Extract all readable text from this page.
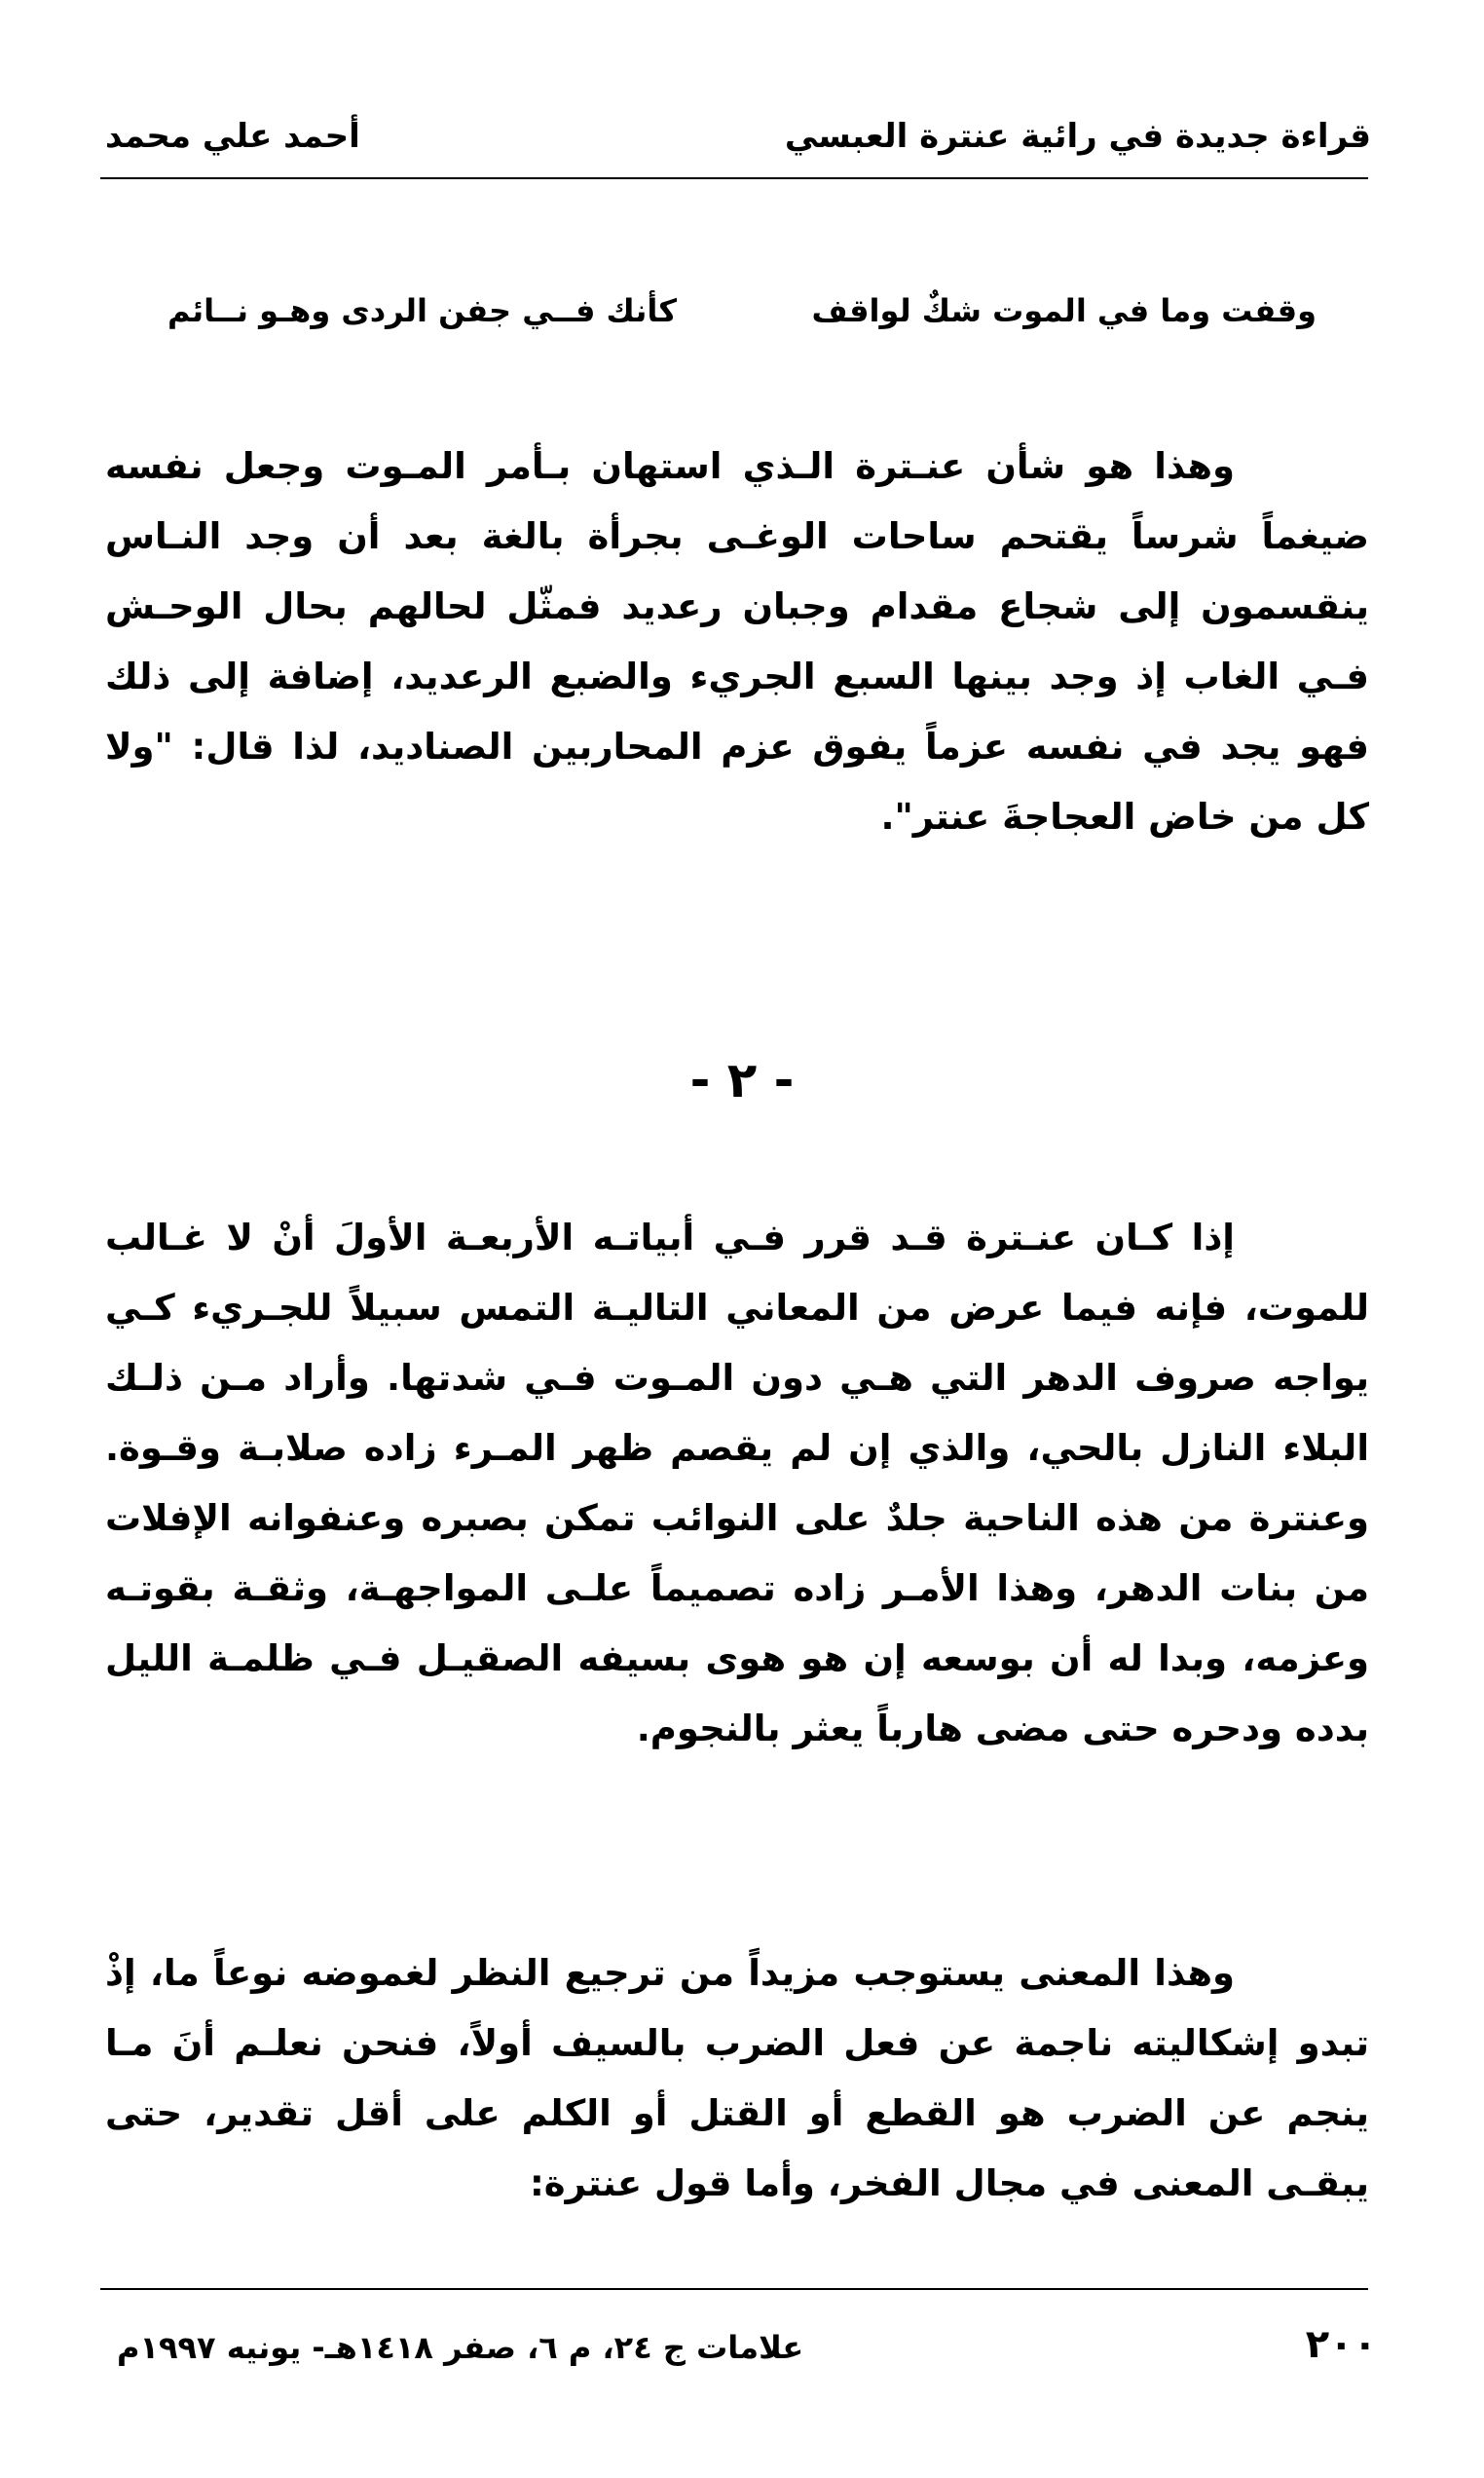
قراءة جديدة في رائية عنترة العبسي
أحمد علي محمد
وقفت وما في الموت شكٌ لواقف
كأنك فــي جفن الردى وهـو نــائم
وهذا هو شأن عنـترة الـذي استهان بـأمر المـوت وجعل نفسه ضيغماً شرساً يقتحم ساحات الوغـى بجرأة بالغة بعد أن وجد النـاس ينقسمون إلى شجاع مقدام وجبان رعديد فمثّل لحالهم بحال الوحـش فـي الغاب إذ وجد بينها السبع الجريء والضبع الرعديد، إضافة إلى ذلك فهو يجد في نفسه عزماً يفوق عزم المحاربين الصناديد، لذا قال: "ولا كل من خاض العجاجةَ عنتر".
- ٢ -
إذا كـان عنـترة قـد قرر فـي أبياتـه الأربعـة الأولَ أنْ لا غـالب للموت، فإنه فيما عرض من المعاني التاليـة التمس سبيلاً للجـريء كـي يواجه صروف الدهر التي هـي دون المـوت فـي شدتها. وأراد مـن ذلـك البلاء النازل بالحي، والذي إن لم يقصم ظهر المـرء زاده صلابـة وقـوة. وعنترة من هذه الناحية جلدٌ على النوائب تمكن بصبره وعنفوانه الإفلات من بنات الدهر، وهذا الأمـر زاده تصميماً علـى المواجهـة، وثقـة بقوتـه وعزمه، وبدا له أن بوسعه إن هو هوى بسيفه الصقيـل فـي ظلمـة الليل بدده ودحره حتى مضى هارباً يعثر بالنجوم.
وهذا المعنى يستوجب مزيداً من ترجيع النظر لغموضه نوعاً ما، إذْ تبدو إشكاليته ناجمة عن فعل الضرب بالسيف أولاً، فنحن نعلـم أنَ مـا ينجم عن الضرب هو القطع أو القتل أو الكلم على أقل تقدير، حتى يبقـى المعنى في مجال الفخر، وأما قول عنترة:
٢٠٠
علامات ج ٢٤، م ٦، صفر ١٤١٨هـ- يونيه ١٩٩٧م
